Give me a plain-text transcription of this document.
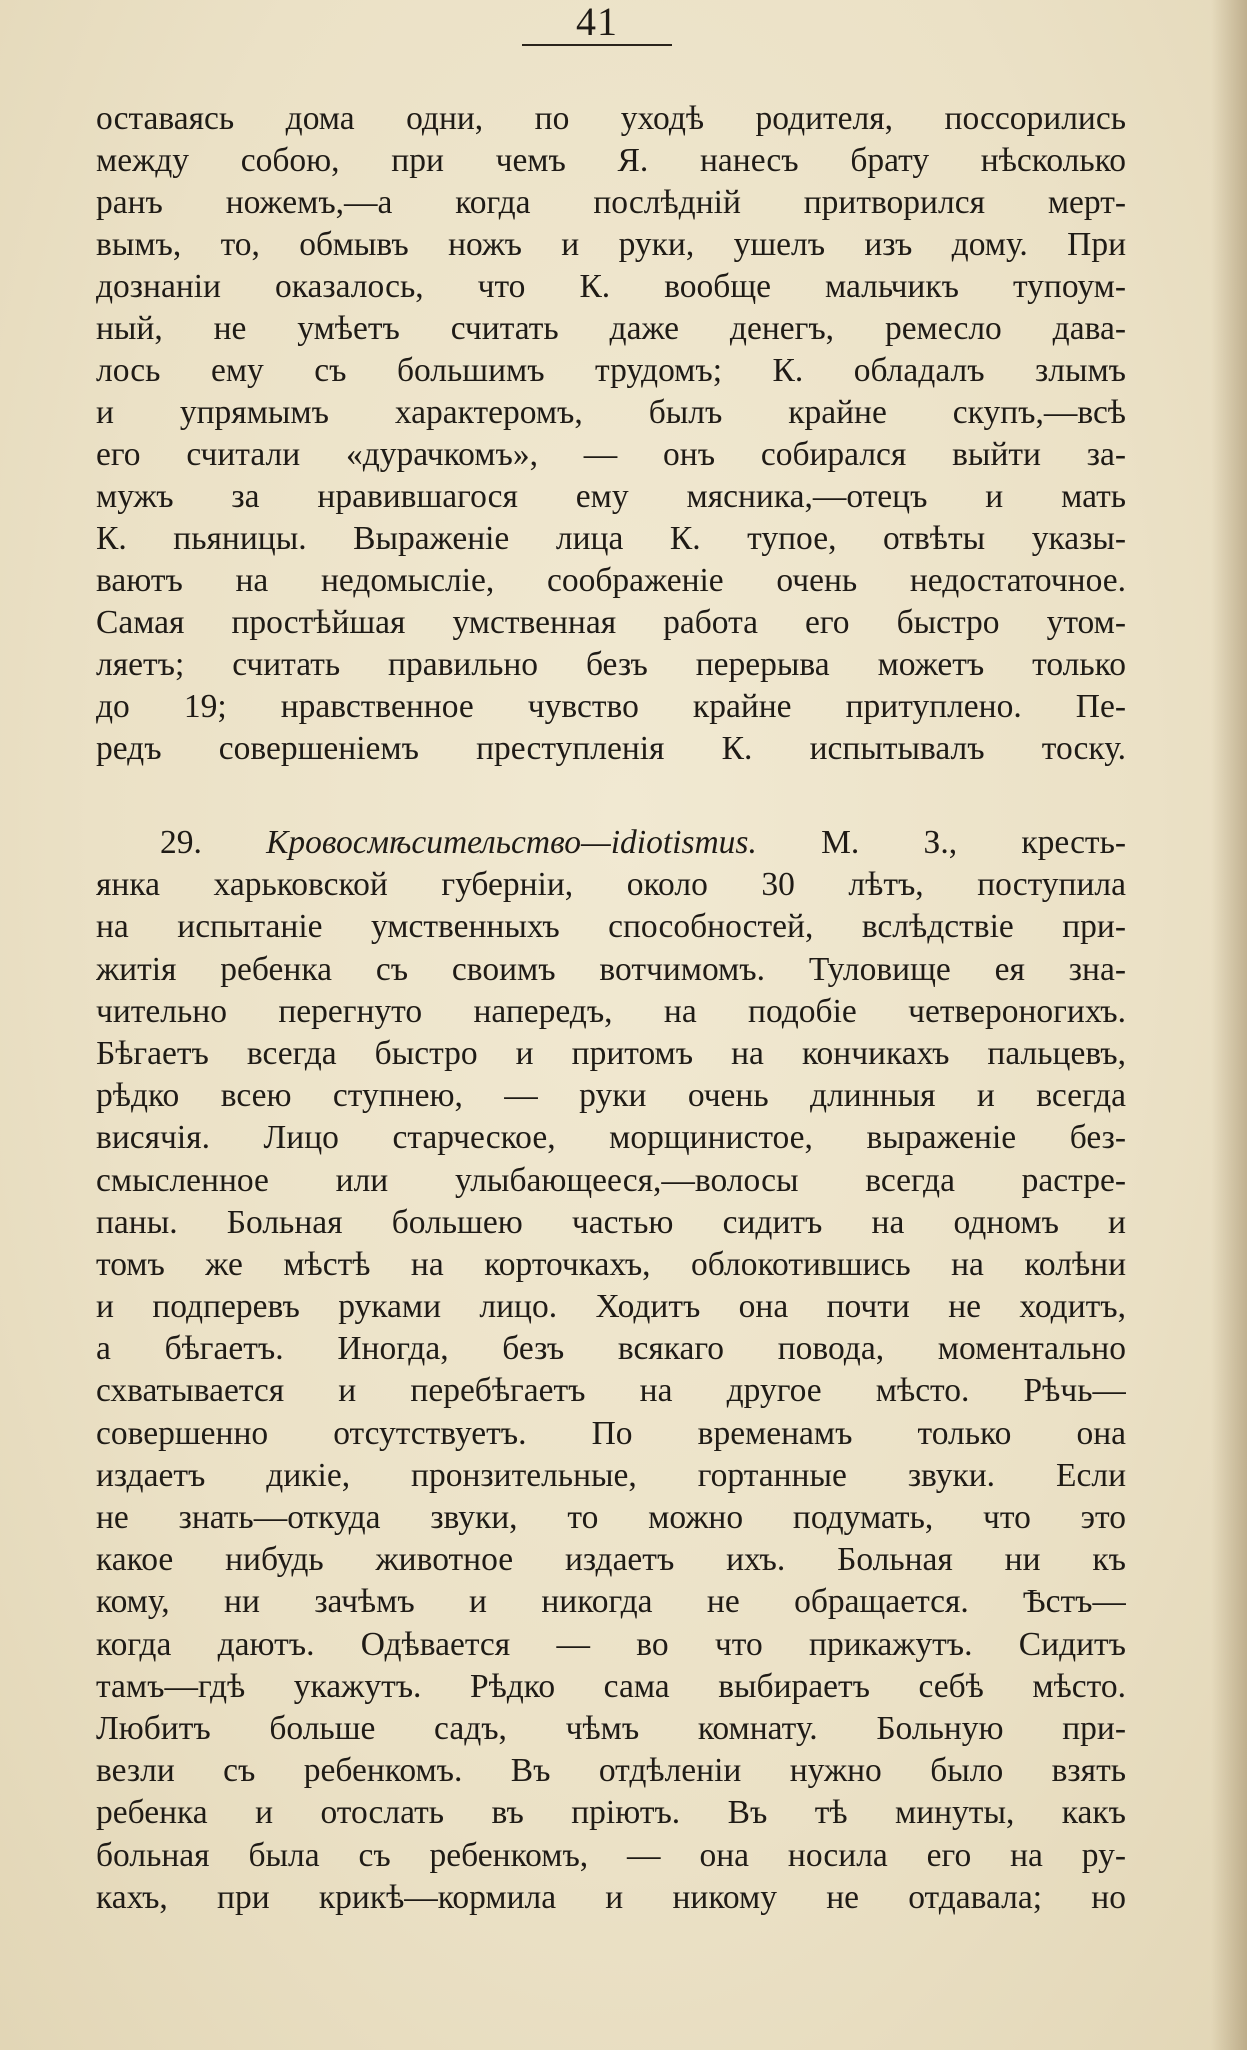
41
оставаясь дома одни, по уходѣ родителя, поссорились
между собою, при чемъ Я. нанесъ брату нѣсколько
ранъ ножемъ,—а когда послѣдній притворился мерт-
вымъ, то, обмывъ ножъ и руки, ушелъ изъ дому. При
дознаніи оказалось, что К. вообще мальчикъ тупоум-
ный, не умѣетъ считать даже денегъ, ремесло дава-
лось ему съ большимъ трудомъ; К. обладалъ злымъ
и упрямымъ характеромъ, былъ крайне скупъ,—всѣ
его считали «дурачкомъ», — онъ собирался выйти за-
мужъ за нравившагося ему мясника,—отецъ и мать
К. пьяницы. Выраженіе лица К. тупое, отвѣты указы-
ваютъ на недомысліе, соображеніе очень недостаточное.
Самая простѣйшая умственная работа его быстро утом-
ляетъ; считать правильно безъ перерыва можетъ только
до 19; нравственное чувство крайне притуплено. Пе-
редъ совершеніемъ преступленія К. испытывалъ тоску.
29. Кровосмѣсительство—idiotismus. М. З., кресть-
янка харьковской губерніи, около 30 лѣтъ, поступила
на испытаніе умственныхъ способностей, вслѣдствіе при-
житія ребенка съ своимъ вотчимомъ. Туловище ея зна-
чительно перегнуто напередъ, на подобіе четвероногихъ.
Бѣгаетъ всегда быстро и притомъ на кончикахъ пальцевъ,
рѣдко всею ступнею, — руки очень длинныя и всегда
висячія. Лицо старческое, морщинистое, выраженіе без-
смысленное или улыбающееся,—волосы всегда растре-
паны. Больная большею частью сидитъ на одномъ и
томъ же мѣстѣ на корточкахъ, облокотившись на колѣни
и подперевъ руками лицо. Ходитъ она почти не ходитъ,
а бѣгаетъ. Иногда, безъ всякаго повода, моментально
схватывается и перебѣгаетъ на другое мѣсто. Рѣчь—
совершенно отсутствуетъ. По временамъ только она
издаетъ дикіе, пронзительные, гортанные звуки. Если
не знать—откуда звуки, то можно подумать, что это
какое нибудь животное издаетъ ихъ. Больная ни къ
кому, ни зачѣмъ и никогда не обращается. Ѣстъ—
когда даютъ. Одѣвается — во что прикажутъ. Сидитъ
тамъ—гдѣ укажутъ. Рѣдко сама выбираетъ себѣ мѣсто.
Любитъ больше садъ, чѣмъ комнату. Больную при-
везли съ ребенкомъ. Въ отдѣленіи нужно было взять
ребенка и отослать въ пріютъ. Въ тѣ минуты, какъ
больная была съ ребенкомъ, — она носила его на ру-
кахъ, при крикѣ—кормила и никому не отдавала; но
